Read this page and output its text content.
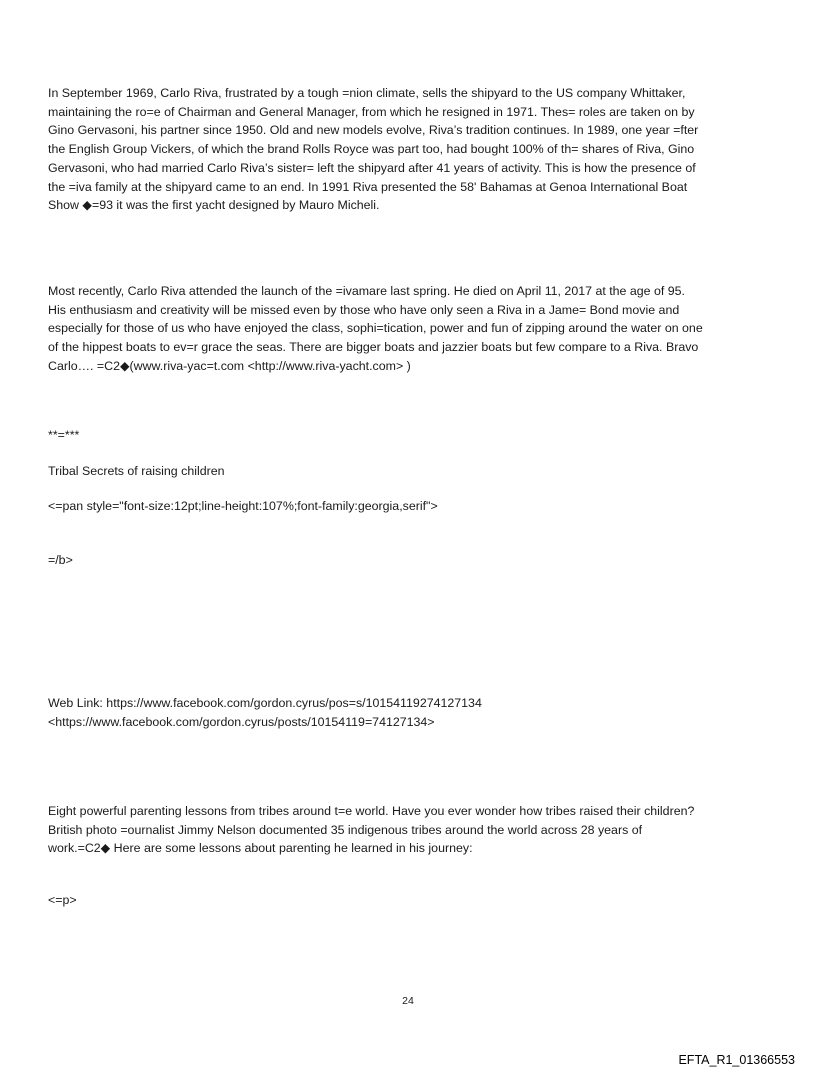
In September 1969, Carlo Riva, frustrated by a tough =nion climate, sells the shipyard to the US company Whittaker,
maintaining the ro=e of Chairman and General Manager, from which he resigned in 1971. Thes= roles are taken on by
Gino Gervasoni, his partner since 1950. Old and new models evolve, Riva’s tradition continues. In 1989, one year =fter
the English Group Vickers, of which the brand Rolls Royce was part too, had bought 100% of th= shares of Riva, Gino
Gervasoni, who had married Carlo Riva’s sister= left the shipyard after 41 years of activity. This is how the presence of
the =iva family at the shipyard came to an end. In 1991 Riva presented the 58' Bahamas at Genoa International Boat
Show ◆=93 it was the first yacht designed by Mauro Micheli.
Most recently, Carlo Riva attended the launch of the =ivamare last spring. He died on April 11, 2017 at the age of 95.
His enthusiasm and creativity will be missed even by those who have only seen a Riva in a Jame= Bond movie and
especially for those of us who have enjoyed the class, sophi=tication, power and fun of zipping around the water on one
of the hippest boats to ev=r grace the seas. There are bigger boats and jazzier boats but few compare to a Riva. Bravo
Carlo…. =C2◆(www.riva-yac=t.com <http://www.riva-yacht.com> )
**=***
Tribal Secrets of raising children
<=pan style="font-size:12pt;line-height:107%;font-family:georgia,serif">
=/b>
Web Link: https://www.facebook.com/gordon.cyrus/pos=s/10154119274127134
<https://www.facebook.com/gordon.cyrus/posts/10154119=74127134>
Eight powerful parenting lessons from tribes around t=e world. Have you ever wonder how tribes raised their children?
British photo =ournalist Jimmy Nelson documented 35 indigenous tribes around the world across 28 years of
work.=C2◆ Here are some lessons about parenting he learned in his journey:
<=p>
24
EFTA_R1_01366553
